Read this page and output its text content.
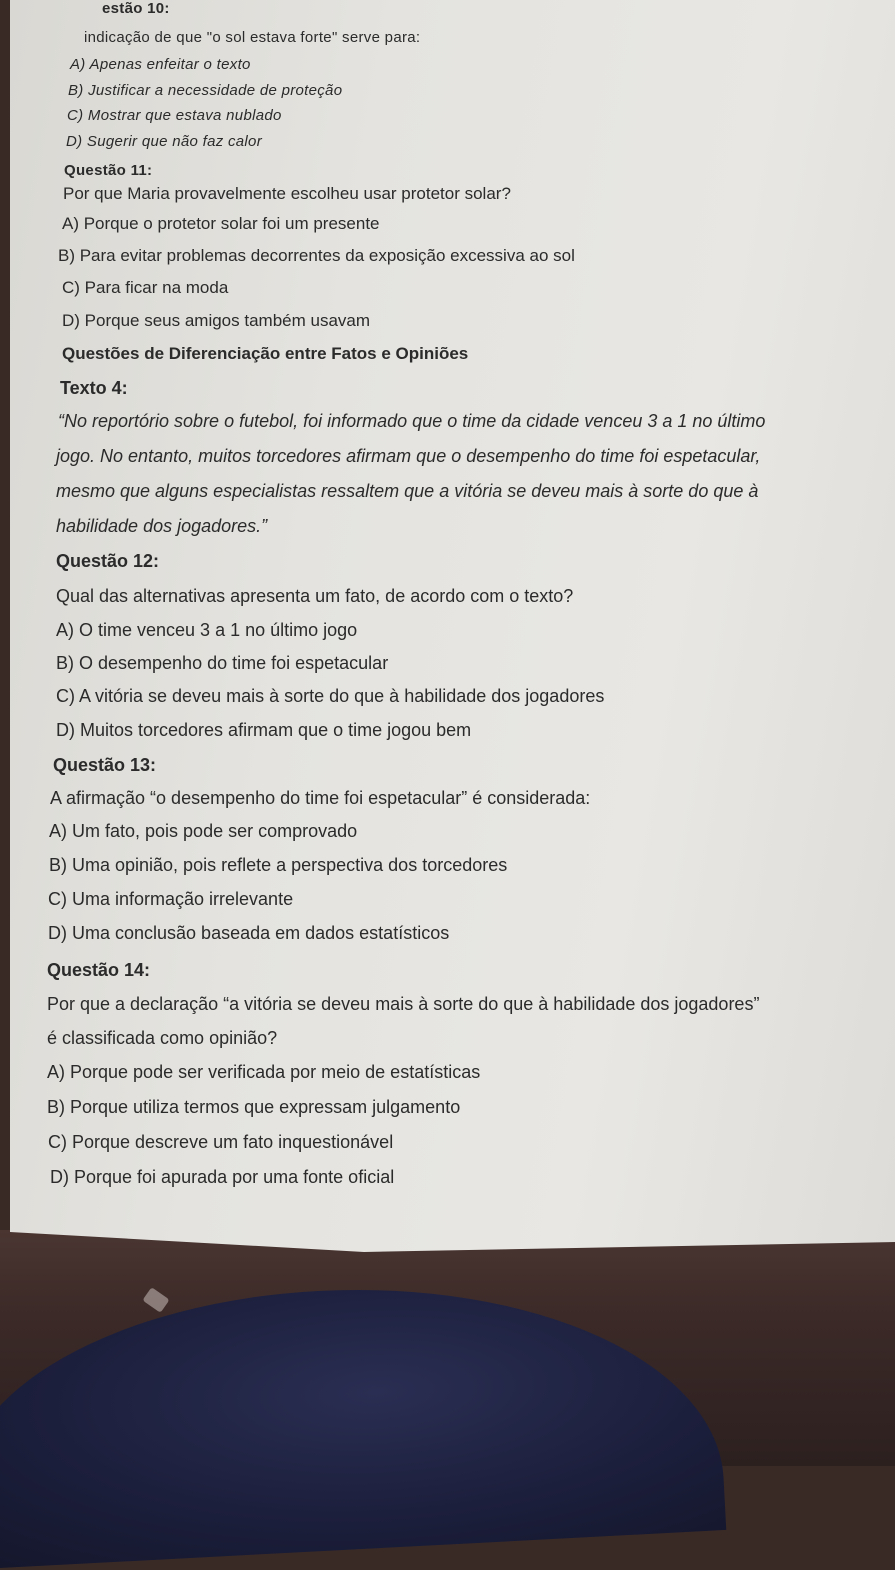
estão 10:
indicação de que "o sol estava forte" serve para:
A) Apenas enfeitar o texto
B) Justificar a necessidade de proteção
C) Mostrar que estava nublado
D) Sugerir que não faz calor
Questão 11:
Por que Maria provavelmente escolheu usar protetor solar?
A) Porque o protetor solar foi um presente
B) Para evitar problemas decorrentes da exposição excessiva ao sol
C) Para ficar na moda
D) Porque seus amigos também usavam
Questões de Diferenciação entre Fatos e Opiniões
Texto 4:
“No reportório sobre o futebol, foi informado que o time da cidade venceu 3 a 1 no último
jogo. No entanto, muitos torcedores afirmam que o desempenho do time foi espetacular,
mesmo que alguns especialistas ressaltem que a vitória se deveu mais à sorte do que à
habilidade dos jogadores.”
Questão 12:
Qual das alternativas apresenta um fato, de acordo com o texto?
A) O time venceu 3 a 1 no último jogo
B) O desempenho do time foi espetacular
C) A vitória se deveu mais à sorte do que à habilidade dos jogadores
D) Muitos torcedores afirmam que o time jogou bem
Questão 13:
A afirmação “o desempenho do time foi espetacular” é considerada:
A) Um fato, pois pode ser comprovado
B) Uma opinião, pois reflete a perspectiva dos torcedores
C) Uma informação irrelevante
D) Uma conclusão baseada em dados estatísticos
Questão 14:
Por que a declaração “a vitória se deveu mais à sorte do que à habilidade dos jogadores”
é classificada como opinião?
A) Porque pode ser verificada por meio de estatísticas
B) Porque utiliza termos que expressam julgamento
C) Porque descreve um fato inquestionável
D) Porque foi apurada por uma fonte oficial
